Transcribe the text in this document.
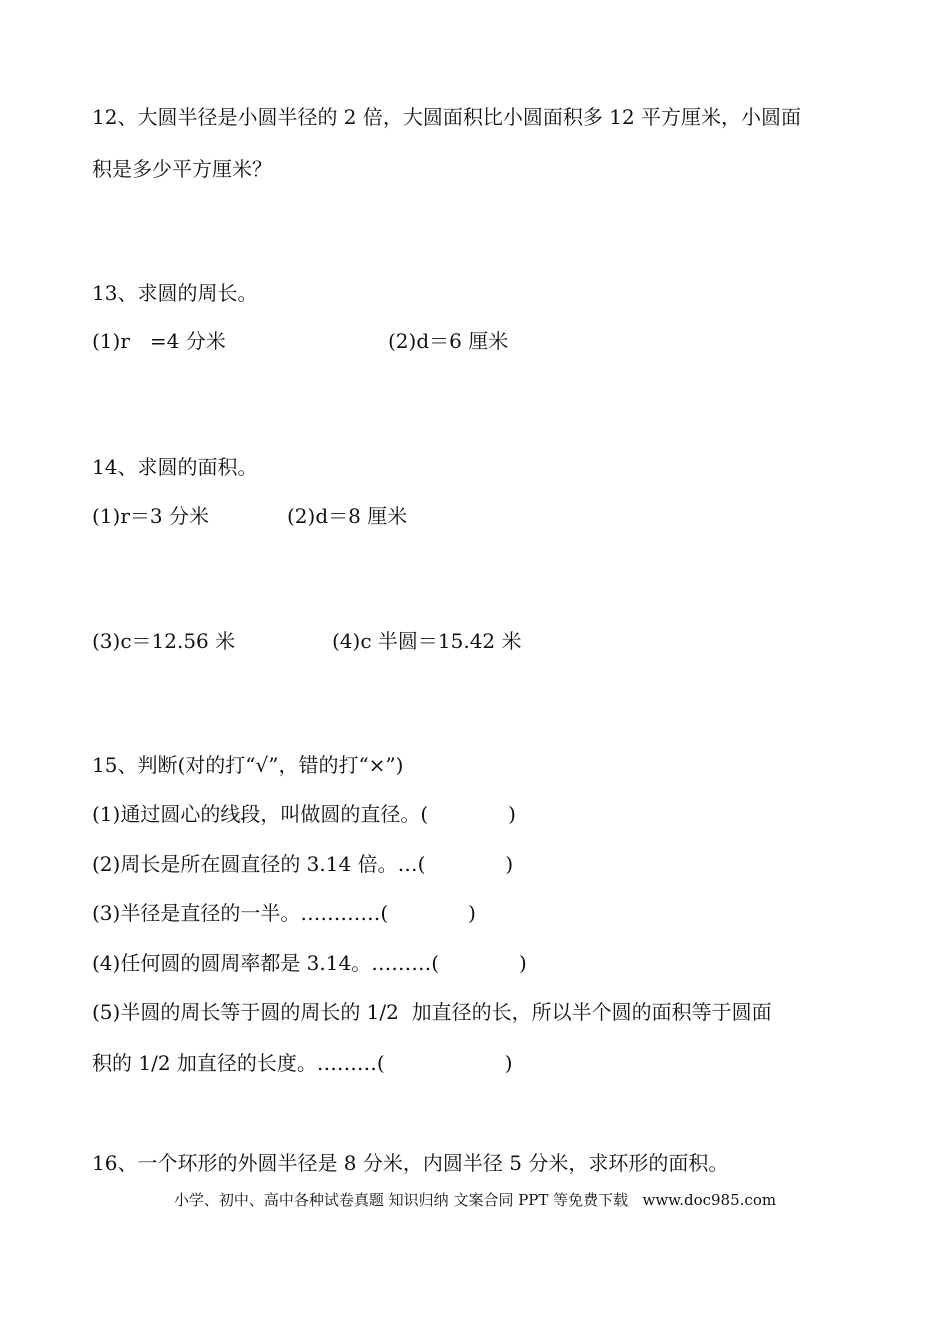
12、大圆半径是小圆半径的 2 倍，大圆面积比小圆面积多 12 平方厘米，小圆面
积是多少平方厘米？
13、求圆的周长。
(1)r　=4 分米	(2)d＝6 厘米
14、求圆的面积。
(1)r＝3 分米	(2)d＝8 厘米
(3)c＝12.56 米	(4)c 半圆＝15.42 米
15、判断(对的打“√”，错的打“×”)
(1)通过圆心的线段，叫做圆的直径。(　　　　)
(2)周长是所在圆直径的 3.14 倍。…(　　　　)
(3)半径是直径的一半。…………(　　　　)
(4)任何圆的圆周率都是 3.14。………(　　　　)
(5)半圆的周长等于圆的周长的 1/2  加直径的长，所以半个圆的面积等于圆面
积的 1/2 加直径的长度。………(　　　　　　)
16、一个环形的外圆半径是 8 分米，内圆半径 5 分米，求环形的面积。
小学、初中、高中各种试卷真题 知识归纳 文案合同 PPT 等免费下载   www.doc985.com
